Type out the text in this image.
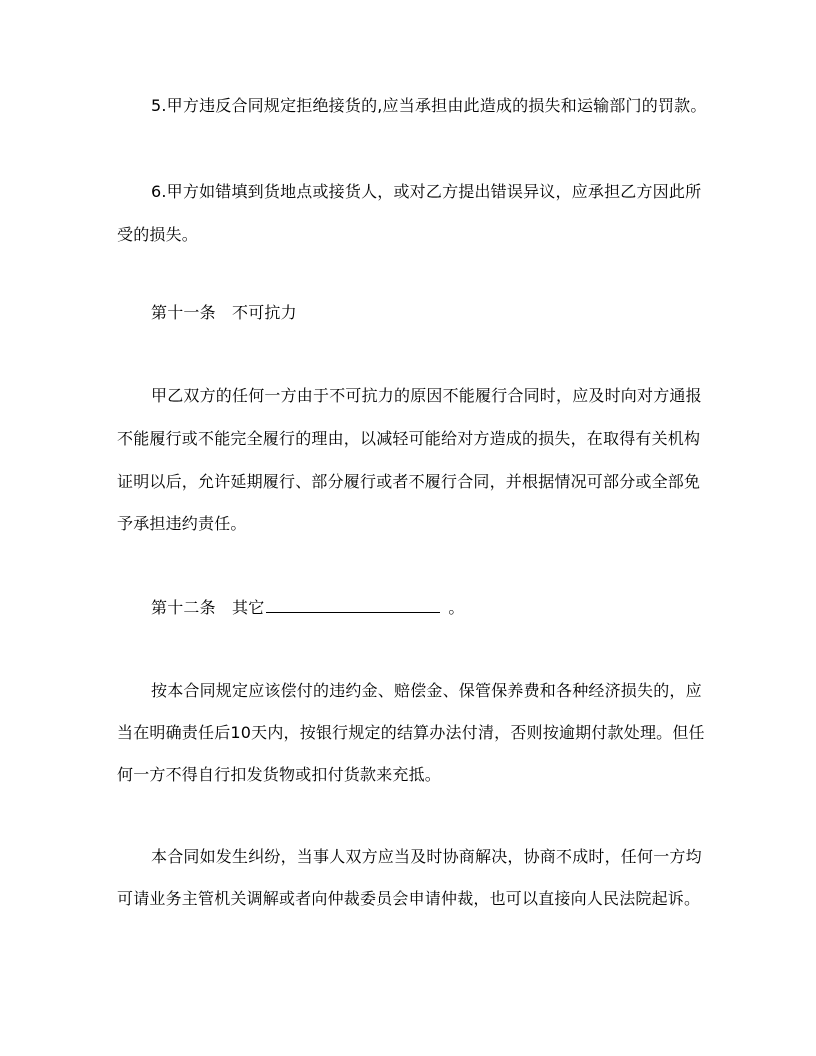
5.甲方违反合同规定拒绝接货的,应当承担由此造成的损失和运输部门的罚款。
6.甲方如错填到货地点或接货人，或对乙方提出错误异议，应承担乙方因此所
受的损失。
第十一条　不可抗力
甲乙双方的任何一方由于不可抗力的原因不能履行合同时，应及时向对方通报
不能履行或不能完全履行的理由，以减轻可能给对方造成的损失，在取得有关机构
证明以后，允许延期履行、部分履行或者不履行合同，并根据情况可部分或全部免
予承担违约责任。
第十二条　其它	。
按本合同规定应该偿付的违约金、赔偿金、保管保养费和各种经济损失的，应
当在明确责任后10天内，按银行规定的结算办法付清，否则按逾期付款处理。但任
何一方不得自行扣发货物或扣付货款来充抵。
本合同如发生纠纷，当事人双方应当及时协商解决，协商不成时，任何一方均
可请业务主管机关调解或者向仲裁委员会申请仲裁，也可以直接向人民法院起诉。
